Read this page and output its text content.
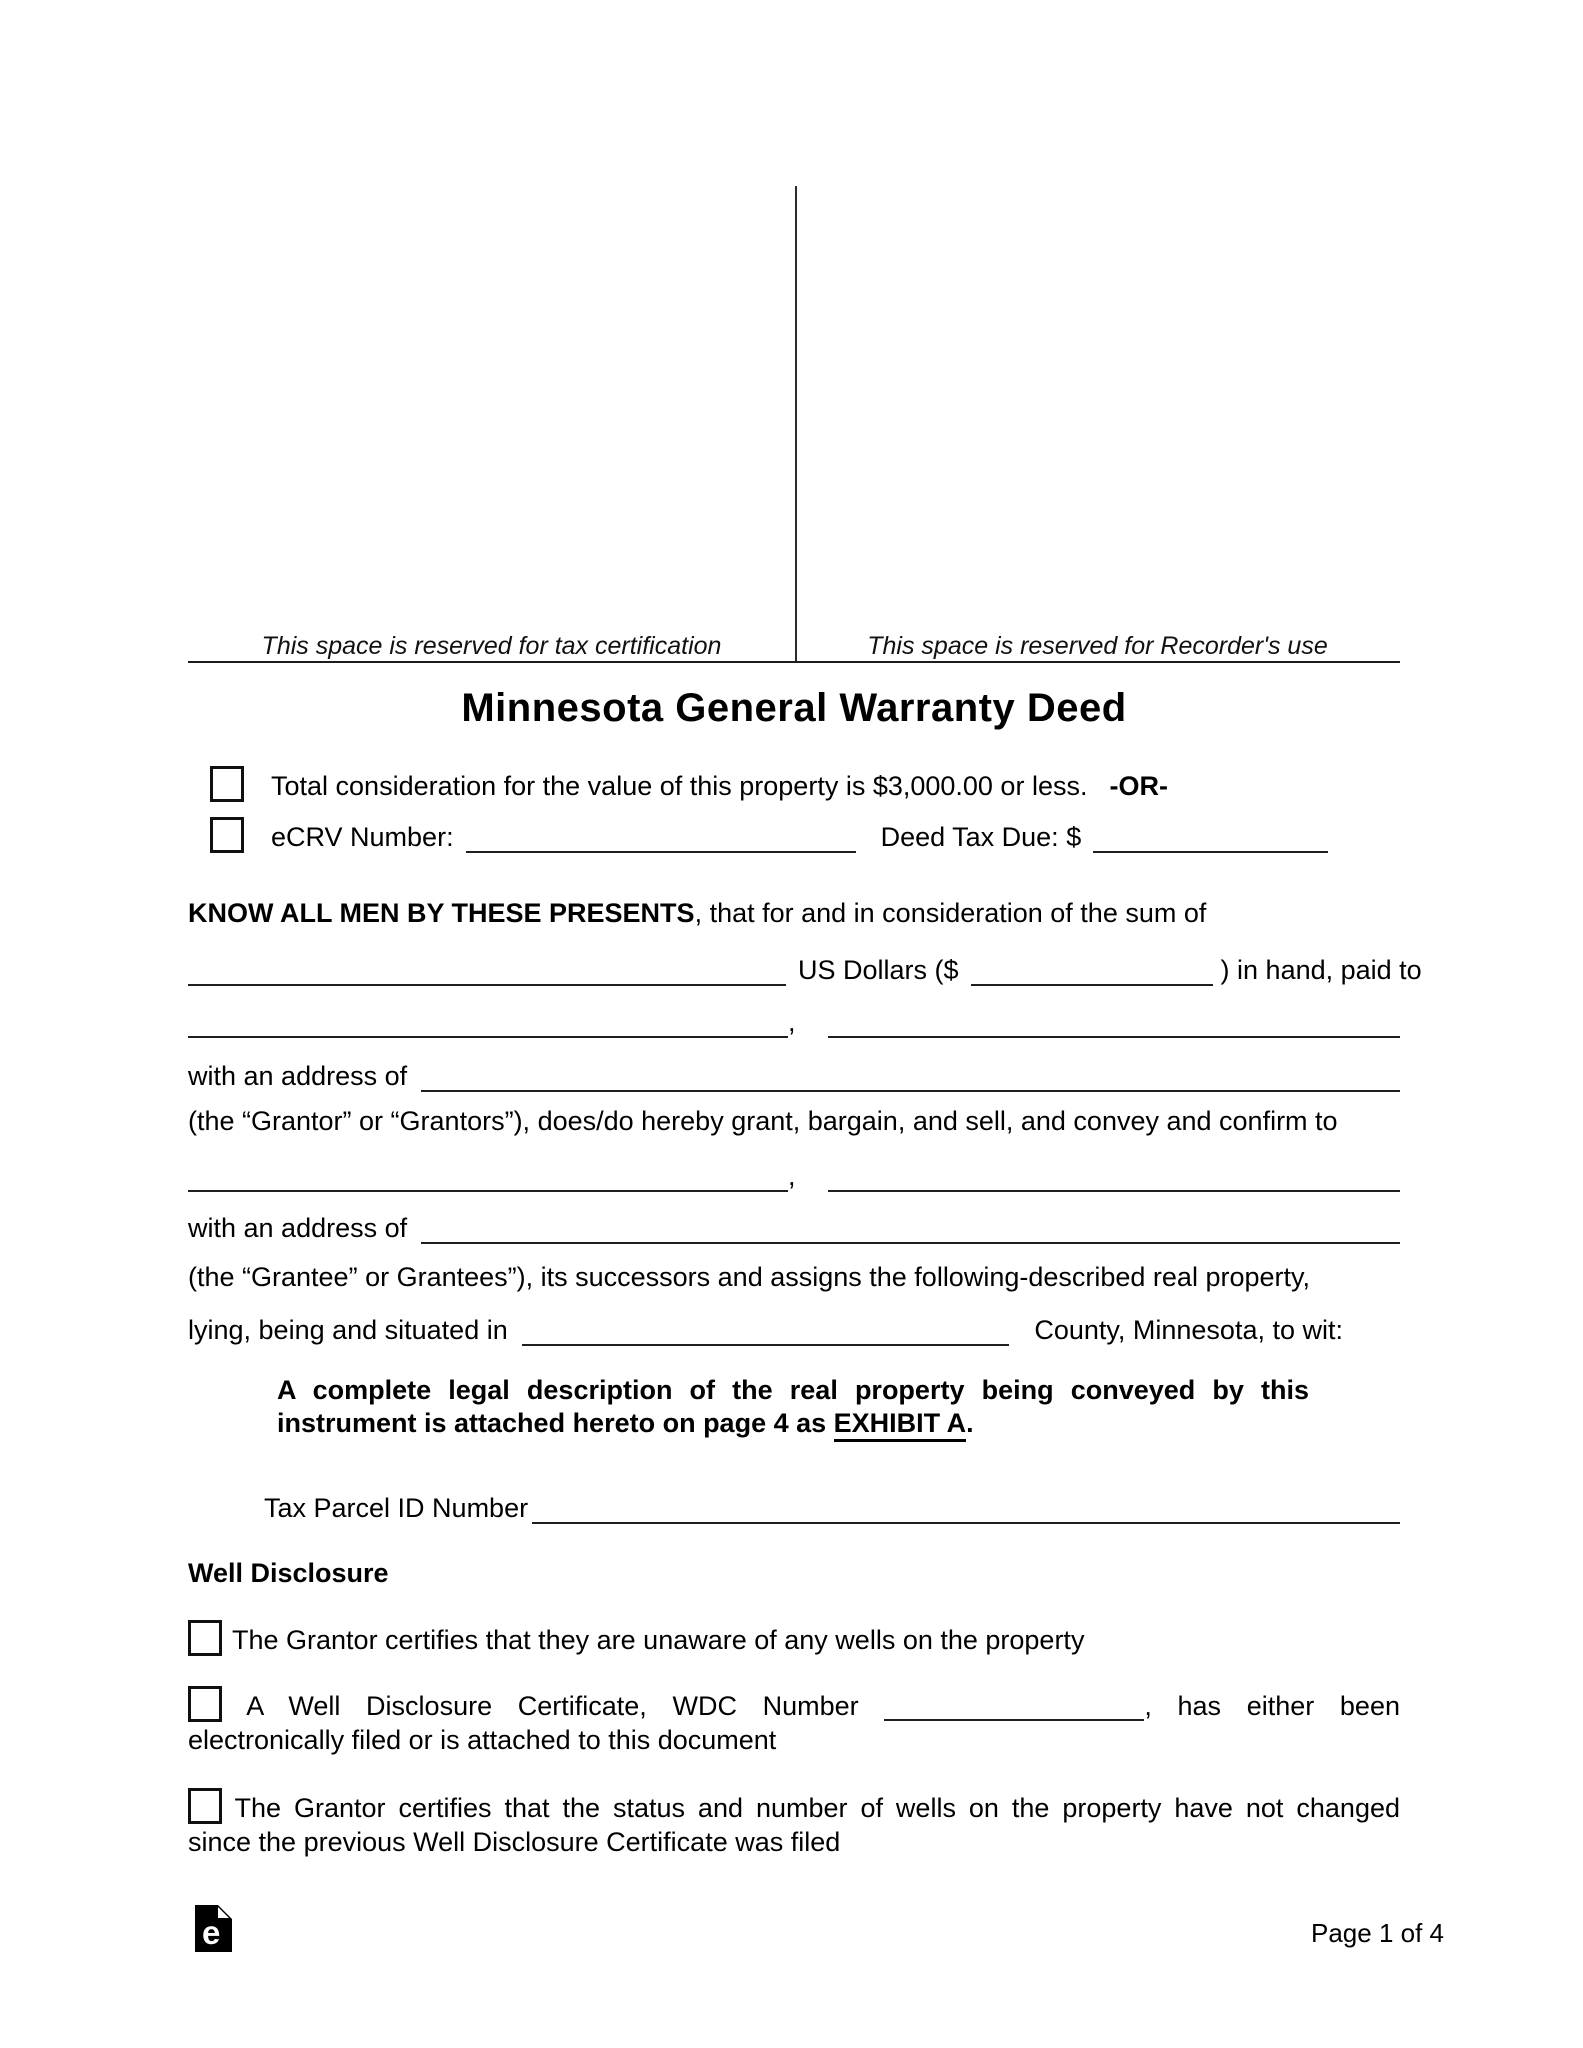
This space is reserved for tax certification	This space is reserved for Recorder's use
Minnesota General Warranty Deed
Total consideration for the value of this property is $3,000.00 or less. -OR-
eCRV Number:	Deed Tax Due: $
KNOW ALL MEN BY THESE PRESENTS, that for and in consideration of the sum of
US Dollars ($	) in hand, paid to
,
with an address of
(the “Grantor” or “Grantors”), does/do hereby grant, bargain, and sell, and convey and confirm to
,
with an address of
(the “Grantee” or Grantees”), its successors and assigns the following-described real property,
lying, being and situated in	County, Minnesota, to wit:
A complete legal description of the real property being conveyed by this
instrument is attached hereto on page 4 as EXHIBIT A.
Tax Parcel ID Number
Well Disclosure
The Grantor certifies that they are unaware of any wells on the property
A Well Disclosure Certificate, WDC Number	, has either been
electronically filed or is attached to this document
The Grantor certifies that the status and number of wells on the property have not changed
since the previous Well Disclosure Certificate was filed
e	Page 1 of 4
